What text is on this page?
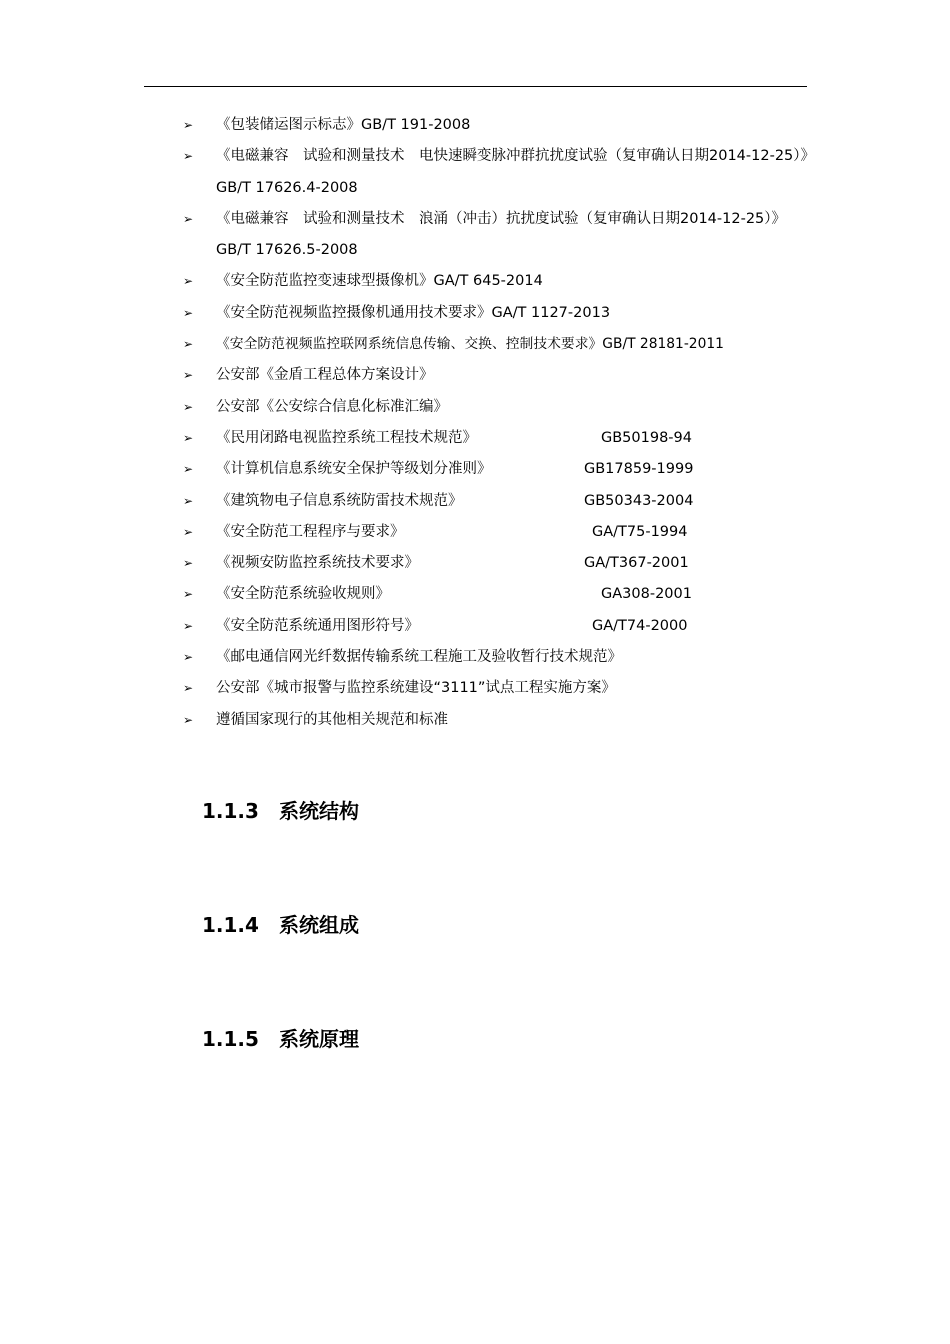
➢ 《包装储运图示标志》GB/T 191-2008
➢ 《电磁兼容　试验和测量技术　电快速瞬变脉冲群抗扰度试验（复审确认日期2014-12-25）》GB/T 17626.4-2008
➢ 《电磁兼容　试验和测量技术　浪涌（冲击）抗扰度试验（复审确认日期2014-12-25）》GB/T 17626.5-2008
➢ 《安全防范监控变速球型摄像机》GA/T 645-2014
➢ 《安全防范视频监控摄像机通用技术要求》GA/T 1127-2013
➢ 《安全防范视频监控联网系统信息传输、交换、控制技术要求》GB/T 28181-2011
➢ 公安部《金盾工程总体方案设计》
➢ 公安部《公安综合信息化标准汇编》
➢ 《民用闭路电视监控系统工程技术规范》	GB50198-94
➢ 《计算机信息系统安全保护等级划分准则》	GB17859-1999
➢ 《建筑物电子信息系统防雷技术规范》	GB50343-2004
➢ 《安全防范工程程序与要求》	GA/T75-1994
➢ 《视频安防监控系统技术要求》	GA/T367-2001
➢ 《安全防范系统验收规则》	GA308-2001
➢ 《安全防范系统通用图形符号》	GA/T74-2000
➢ 《邮电通信网光纤数据传输系统工程施工及验收暂行技术规范》
➢ 公安部《城市报警与监控系统建设“3111”试点工程实施方案》
➢ 遵循国家现行的其他相关规范和标准
1.1.3 系统结构
1.1.4 系统组成
1.1.5 系统原理
